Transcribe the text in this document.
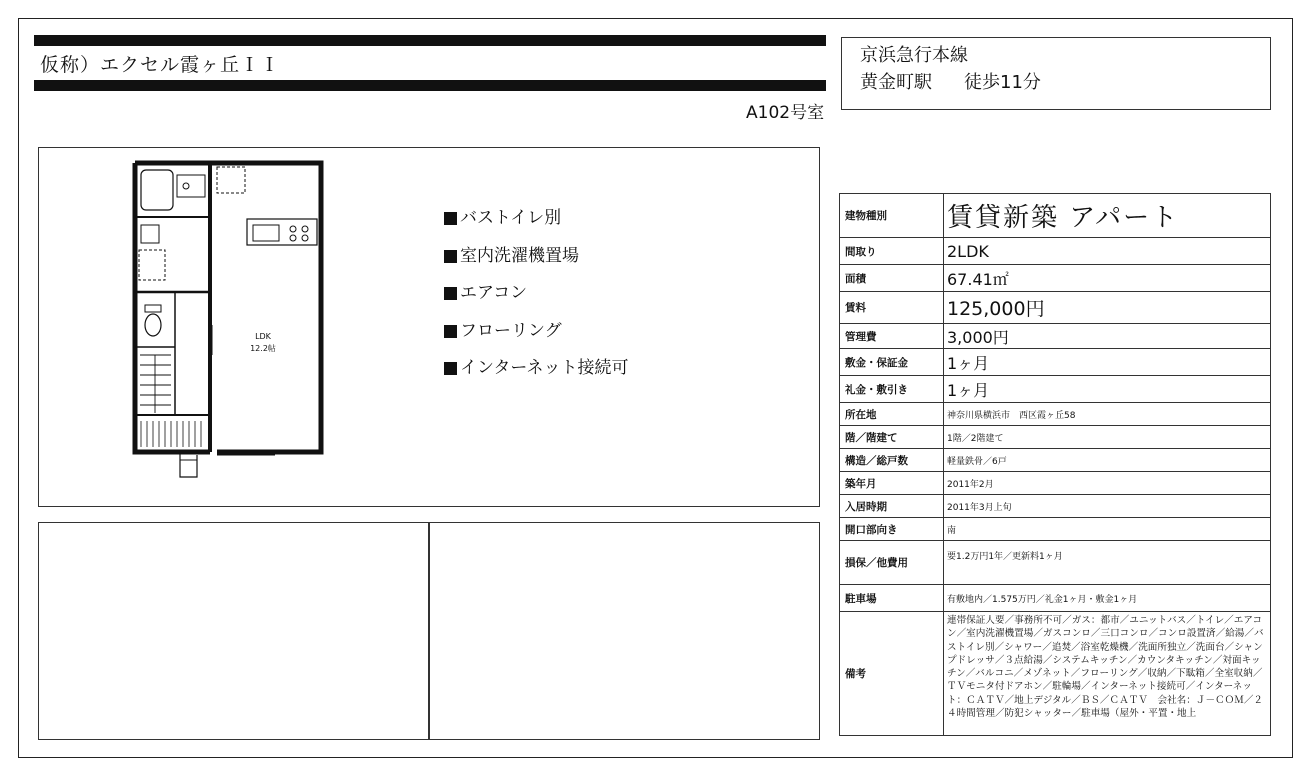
仮称）エクセル霞ヶ丘ＩＩ
A102号室
京浜急行本線
黄金町駅 徒歩11分
LDK
12.2帖
バストイレ別
室内洗濯機置場
エアコン
フローリング
インターネット接続可
建物種別	賃貸新築 アパート
間取り	2LDK
面積	67.41㎡
賃料	125,000円
管理費	3,000円
敷金・保証金	1ヶ月
礼金・敷引き	1ヶ月
所在地	神奈川県横浜市　西区霞ヶ丘58
階／階建て	1階／2階建て
構造／総戸数	軽量鉄骨／6戸
築年月	2011年2月
入居時期	2011年3月上旬
開口部向き	南
損保／他費用	要1.2万円1年／更新料1ヶ月
駐車場	有敷地内／1.575万円／礼金1ヶ月・敷金1ヶ月
備考	連帯保証人要／事務所不可／ガス：都市／ユニットバス／トイレ／エアコン／室内洗濯機置場／ガスコンロ／三口コンロ／コンロ設置済／給湯／バストイレ別／シャワー／追焚／浴室乾燥機／洗面所独立／洗面台／シャンプドレッサ／３点給湯／システムキッチン／カウンタキッチン／対面キッチン／バルコニ／メゾネット／フローリング／収納／下駄箱／全室収納／ＴＶモニタ付ドアホン／駐輪場／インターネット接続可／インターネット：ＣＡＴＶ／地上デジタル／ＢＳ／ＣＡＴＶ　会社名：Ｊ－ＣＯＭ／２４時間管理／防犯シャッター／駐車場（屋外・平置・地上
